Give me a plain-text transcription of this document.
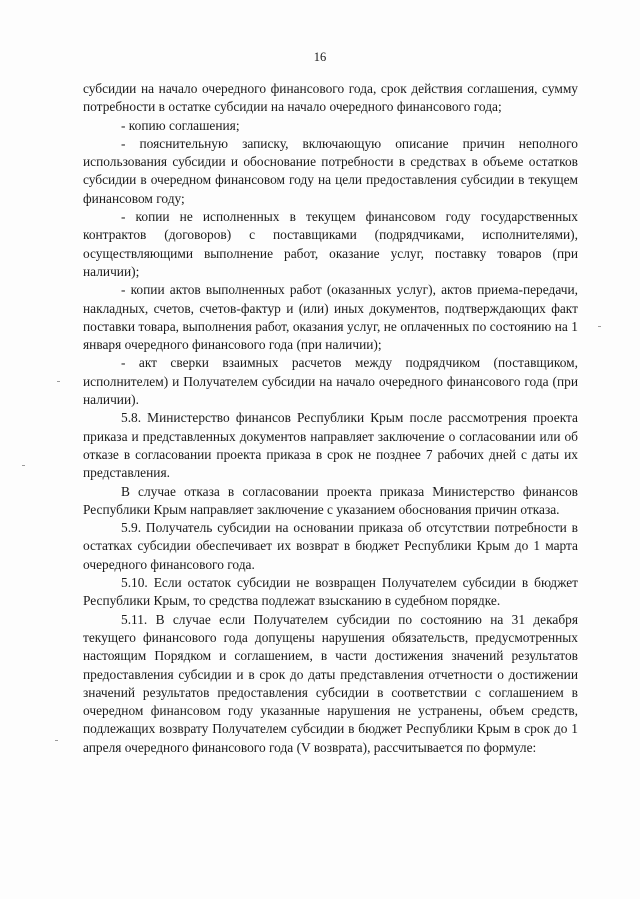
16

субсидии на начало очередного финансового года, срок действия соглашения, сумму потребности в остатке субсидии на начало очередного финансового года;

- копию соглашения;

- пояснительную записку, включающую описание причин неполного использования субсидии и обоснование потребности в средствах в объеме остатков субсидии в очередном финансовом году на цели предоставления субсидии в текущем финансовом году;

- копии не исполненных в текущем финансовом году государственных контрактов (договоров) с поставщиками (подрядчиками, исполнителями), осуществляющими выполнение работ, оказание услуг, поставку товаров (при наличии);

- копии актов выполненных работ (оказанных услуг), актов приема-передачи, накладных, счетов, счетов-фактур и (или) иных документов, подтверждающих факт поставки товара, выполнения работ, оказания услуг, не оплаченных по состоянию на 1 января очередного финансового года (при наличии);

- акт сверки взаимных расчетов между подрядчиком (поставщиком, исполнителем) и Получателем субсидии на начало очередного финансового года (при наличии).

5.8. Министерство финансов Республики Крым после рассмотрения проекта приказа и представленных документов направляет заключение о согласовании или об отказе в согласовании проекта приказа в срок не позднее 7 рабочих дней с даты их представления.

В случае отказа в согласовании проекта приказа Министерство финансов Республики Крым направляет заключение с указанием обоснования причин отказа.

5.9. Получатель субсидии на основании приказа об отсутствии потребности в остатках субсидии обеспечивает их возврат в бюджет Республики Крым до 1 марта очередного финансового года.

5.10. Если остаток субсидии не возвращен Получателем субсидии в бюджет Республики Крым, то средства подлежат взысканию в судебном порядке.

5.11. В случае если Получателем субсидии по состоянию на 31 декабря текущего финансового года допущены нарушения обязательств, предусмотренных настоящим Порядком и соглашением, в части достижения значений результатов предоставления субсидии и в срок до даты представления отчетности о достижении значений результатов предоставления субсидии в соответствии с соглашением в очередном финансовом году указанные нарушения не устранены, объем средств, подлежащих возврату Получателем субсидии в бюджет Республики Крым в срок до 1 апреля очередного финансового года (V возврата), рассчитывается по формуле:
